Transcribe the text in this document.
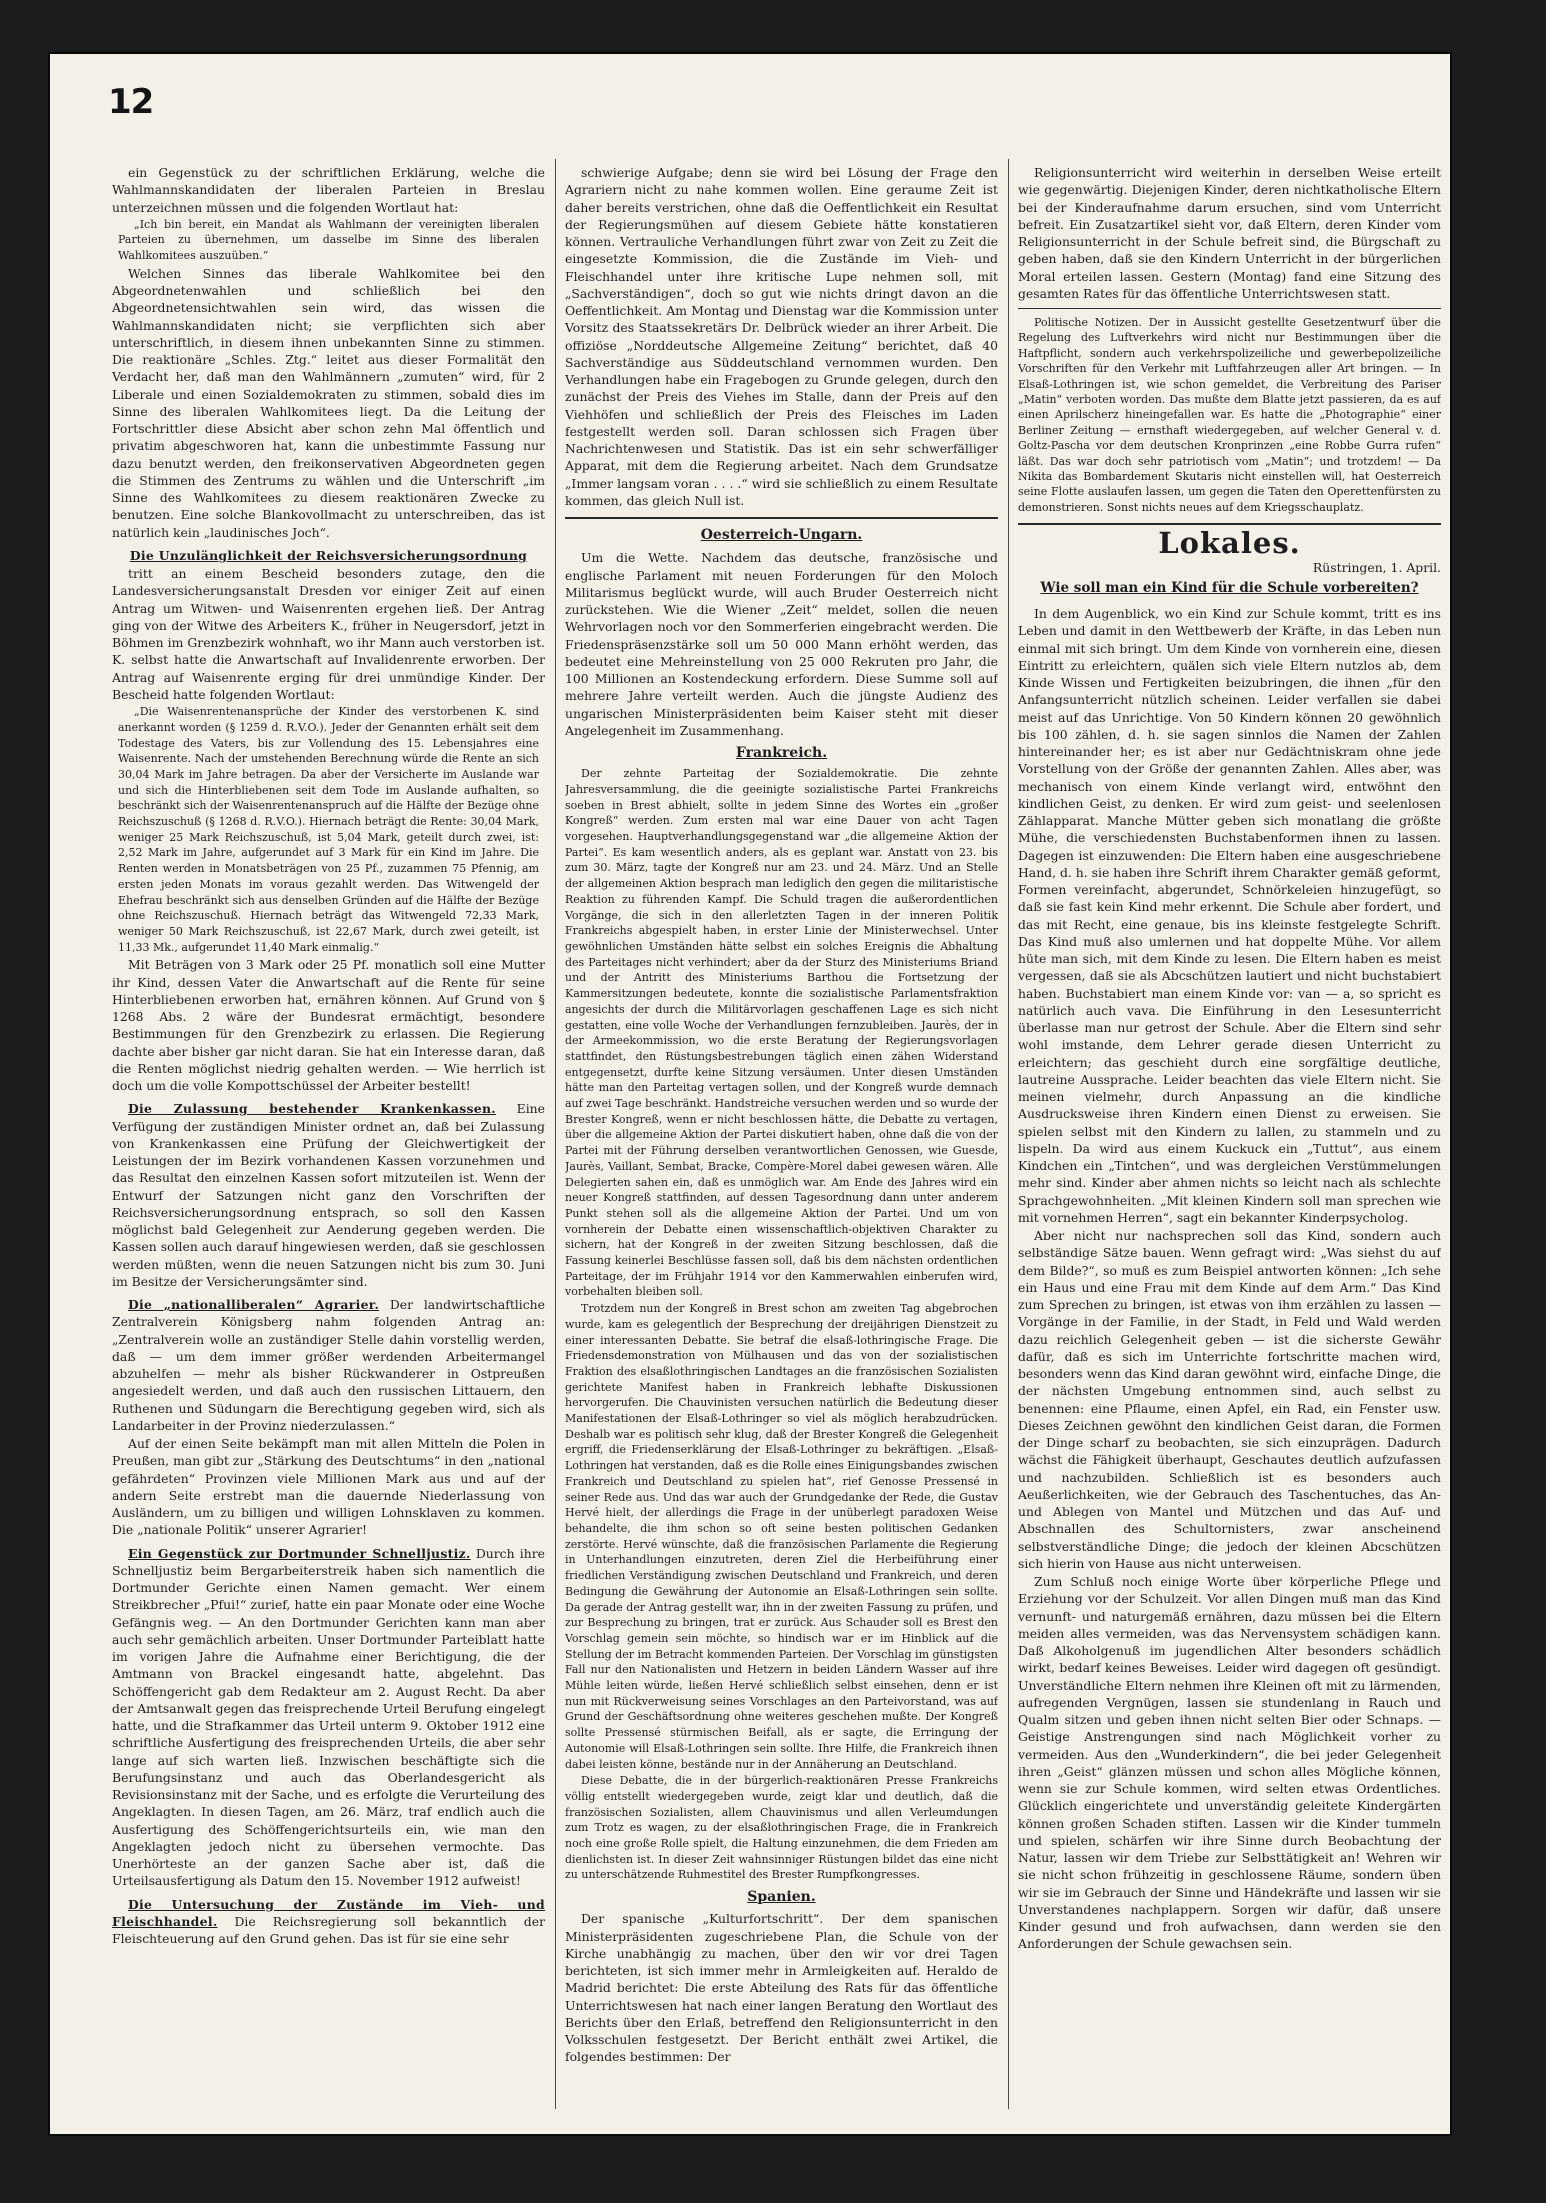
12

ein Gegenstück zu der schriftlichen Erklärung, welche die Wahlmannskandidaten der liberalen Parteien in Breslau unterzeichnen müssen und die folgenden Wortlaut hat:

„Ich bin bereit, ein Mandat als Wahlmann der vereinigten liberalen Parteien zu übernehmen, um dasselbe im Sinne des liberalen Wahlkomitees auszuüben.“

Welchen Sinnes das liberale Wahlkomitee bei den Abgeordnetenwahlen und schließlich bei den Abgeordnetensichtwahlen sein wird, das wissen die Wahlmannskandidaten nicht; sie verpflichten sich aber unterschriftlich, in diesem ihnen unbekannten Sinne zu stimmen. Die reaktionäre „Schles. Ztg.“ leitet aus dieser Formalität den Verdacht her, daß man den Wahlmännern „zumuten“ wird, für 2 Liberale und einen Sozialdemokraten zu stimmen, sobald dies im Sinne des liberalen Wahlkomitees liegt. Da die Leitung der Fortschrittler diese Absicht aber schon zehn Mal öffentlich und privatim abgeschworen hat, kann die unbestimmte Fassung nur dazu benutzt werden, den freikonservativen Abgeordneten gegen die Stimmen des Zentrums zu wählen und die Unterschrift „im Sinne des Wahlkomitees zu diesem reaktionären Zwecke zu benutzen. Eine solche Blankovollmacht zu unterschreiben, das ist natürlich kein „laudinisches Joch“.

Die Unzulänglichkeit der Reichsversicherungsordnung

tritt an einem Bescheid besonders zutage, den die Landesversicherungsanstalt Dresden vor einiger Zeit auf einen Antrag um Witwen- und Waisenrenten ergehen ließ. Der Antrag ging von der Witwe des Arbeiters K., früher in Neugersdorf, jetzt in Böhmen im Grenzbezirk wohnhaft, wo ihr Mann auch verstorben ist. K. selbst hatte die Anwartschaft auf Invalidenrente erworben. Der Antrag auf Waisenrente erging für drei unmündige Kinder. Der Bescheid hatte folgenden Wortlaut:

„Die Waisenrentenansprüche der Kinder des verstorbenen K. sind anerkannt worden (§ 1259 d. R.V.O.). Jeder der Genannten erhält seit dem Todestage des Vaters, bis zur Vollendung des 15. Lebensjahres eine Waisenrente. Nach der umstehenden Berechnung würde die Rente an sich 30,04 Mark im Jahre betragen. Da aber der Versicherte im Auslande war und sich die Hinterbliebenen seit dem Tode im Auslande aufhalten, so beschränkt sich der Waisenrentenanspruch auf die Hälfte der Bezüge ohne Reichszuschuß (§ 1268 d. R.V.O.). Hiernach beträgt die Rente: 30,04 Mark, weniger 25 Mark Reichszuschuß, ist 5,04 Mark, geteilt durch zwei, ist: 2,52 Mark im Jahre, aufgerundet auf 3 Mark für ein Kind im Jahre. Die Renten werden in Monatsbeträgen von 25 Pf., zuzammen 75 Pfennig, am ersten jeden Monats im voraus gezahlt werden. Das Witwengeld der Ehefrau beschränkt sich aus denselben Gründen auf die Hälfte der Bezüge ohne Reichszuschuß. Hiernach beträgt das Witwengeld 72,33 Mark, weniger 50 Mark Reichszuschuß, ist 22,67 Mark, durch zwei geteilt, ist 11,33 Mk., aufgerundet 11,40 Mark einmalig.“

Mit Beträgen von 3 Mark oder 25 Pf. monatlich soll eine Mutter ihr Kind, dessen Vater die Anwartschaft auf die Rente für seine Hinterbliebenen erworben hat, ernähren können. Auf Grund von § 1268 Abs. 2 wäre der Bundesrat ermächtigt, besondere Bestimmungen für den Grenzbezirk zu erlassen. Die Regierung dachte aber bisher gar nicht daran. Sie hat ein Interesse daran, daß die Renten möglichst niedrig gehalten werden. — Wie herrlich ist doch um die volle Kompottschüssel der Arbeiter bestellt!

Die Zulassung bestehender Krankenkassen. Eine Verfügung der zuständigen Minister ordnet an, daß bei Zulassung von Krankenkassen eine Prüfung der Gleichwertigkeit der Leistungen der im Bezirk vorhandenen Kassen vorzunehmen und das Resultat den einzelnen Kassen sofort mitzuteilen ist. Wenn der Entwurf der Satzungen nicht ganz den Vorschriften der Reichsversicherungsordnung entsprach, so soll den Kassen möglichst bald Gelegenheit zur Aenderung gegeben werden. Die Kassen sollen auch darauf hingewiesen werden, daß sie geschlossen werden müßten, wenn die neuen Satzungen nicht bis zum 30. Juni im Besitze der Versicherungsämter sind.

Die „nationalliberalen“ Agrarier. Der landwirtschaftliche Zentralverein Königsberg nahm folgenden Antrag an: „Zentralverein wolle an zuständiger Stelle dahin vorstellig werden, daß — um dem immer größer werdenden Arbeitermangel abzuhelfen — mehr als bisher Rückwanderer in Ostpreußen angesiedelt werden, und daß auch den russischen Littauern, den Ruthenen und Südungarn die Berechtigung gegeben wird, sich als Landarbeiter in der Provinz niederzulassen.“

Auf der einen Seite bekämpft man mit allen Mitteln die Polen in Preußen, man gibt zur „Stärkung des Deutschtums“ in den „national gefährdeten“ Provinzen viele Millionen Mark aus und auf der andern Seite erstrebt man die dauernde Niederlassung von Ausländern, um zu billigen und willigen Lohnsklaven zu kommen. Die „nationale Politik“ unserer Agrarier!

Ein Gegenstück zur Dortmunder Schnelljustiz. Durch ihre Schnelljustiz beim Bergarbeiterstreik haben sich namentlich die Dortmunder Gerichte einen Namen gemacht. Wer einem Streikbrecher „Pfui!“ zurief, hatte ein paar Monate oder eine Woche Gefängnis weg. — An den Dortmunder Gerichten kann man aber auch sehr gemächlich arbeiten. Unser Dortmunder Parteiblatt hatte im vorigen Jahre die Aufnahme einer Berichtigung, die der Amtmann von Brackel eingesandt hatte, abgelehnt. Das Schöffengericht gab dem Redakteur am 2. August Recht. Da aber der Amtsanwalt gegen das freisprechende Urteil Berufung eingelegt hatte, und die Strafkammer das Urteil unterm 9. Oktober 1912 eine schriftliche Ausfertigung des freisprechenden Urteils, die aber sehr lange auf sich warten ließ. Inzwischen beschäftigte sich die Berufungsinstanz und auch das Oberlandesgericht als Revisionsinstanz mit der Sache, und es erfolgte die Verurteilung des Angeklagten. In diesen Tagen, am 26. März, traf endlich auch die Ausfertigung des Schöffengerichtsurteils ein, wie man den Angeklagten jedoch nicht zu übersehen vermochte. Das Unerhörteste an der ganzen Sache aber ist, daß die Urteilsausfertigung als Datum den 15. November 1912 aufweist!

Die Untersuchung der Zustände im Vieh- und Fleischhandel. Die Reichsregierung soll bekanntlich der Fleischteuerung auf den Grund gehen. Das ist für sie eine sehr

schwierige Aufgabe; denn sie wird bei Lösung der Frage den Agrariern nicht zu nahe kommen wollen. Eine geraume Zeit ist daher bereits verstrichen, ohne daß die Oeffentlichkeit ein Resultat der Regierungsmühen auf diesem Gebiete hätte konstatieren können. Vertrauliche Verhandlungen führt zwar von Zeit zu Zeit die eingesetzte Kommission, die die Zustände im Vieh- und Fleischhandel unter ihre kritische Lupe nehmen soll, mit „Sachverständigen“, doch so gut wie nichts dringt davon an die Oeffentlichkeit. Am Montag und Dienstag war die Kommission unter Vorsitz des Staatssekretärs Dr. Delbrück wieder an ihrer Arbeit. Die offiziöse „Norddeutsche Allgemeine Zeitung“ berichtet, daß 40 Sachverständige aus Süddeutschland vernommen wurden. Den Verhandlungen habe ein Fragebogen zu Grunde gelegen, durch den zunächst der Preis des Viehes im Stalle, dann der Preis auf den Viehhöfen und schließlich der Preis des Fleisches im Laden festgestellt werden soll. Daran schlossen sich Fragen über Nachrichtenwesen und Statistik. Das ist ein sehr schwerfälliger Apparat, mit dem die Regierung arbeitet. Nach dem Grundsatze „Immer langsam voran . . . .“ wird sie schließlich zu einem Resultate kommen, das gleich Null ist.

Oesterreich-Ungarn.

Um die Wette. Nachdem das deutsche, französische und englische Parlament mit neuen Forderungen für den Moloch Militarismus beglückt wurde, will auch Bruder Oesterreich nicht zurückstehen. Wie die Wiener „Zeit“ meldet, sollen die neuen Wehrvorlagen noch vor den Sommerferien eingebracht werden. Die Friedenspräsenzstärke soll um 50 000 Mann erhöht werden, das bedeutet eine Mehreinstellung von 25 000 Rekruten pro Jahr, die 100 Millionen an Kostendeckung erfordern. Diese Summe soll auf mehrere Jahre verteilt werden. Auch die jüngste Audienz des ungarischen Ministerpräsidenten beim Kaiser steht mit dieser Angelegenheit im Zusammenhang.

Frankreich.

Der zehnte Parteitag der Sozialdemokratie. Die zehnte Jahresversammlung, die die geeinigte sozialistische Partei Frankreichs soeben in Brest abhielt, sollte in jedem Sinne des Wortes ein „großer Kongreß“ werden. Zum ersten mal war eine Dauer von acht Tagen vorgesehen. Hauptverhandlungsgegenstand war „die allgemeine Aktion der Partei“. Es kam wesentlich anders, als es geplant war. Anstatt von 23. bis zum 30. März, tagte der Kongreß nur am 23. und 24. März. Und an Stelle der allgemeinen Aktion besprach man lediglich den gegen die militaristische Reaktion zu führenden Kampf. Die Schuld tragen die außerordentlichen Vorgänge, die sich in den allerletzten Tagen in der inneren Politik Frankreichs abgespielt haben, in erster Linie der Ministerwechsel. Unter gewöhnlichen Umständen hätte selbst ein solches Ereignis die Abhaltung des Parteitages nicht verhindert; aber da der Sturz des Ministeriums Briand und der Antritt des Ministeriums Barthou die Fortsetzung der Kammersitzungen bedeutete, konnte die sozialistische Parlamentsfraktion angesichts der durch die Militärvorlagen geschaffenen Lage es sich nicht gestatten, eine volle Woche der Verhandlungen fernzubleiben. Jaurès, der in der Armeekommission, wo die erste Beratung der Regierungsvorlagen stattfindet, den Rüstungsbestrebungen täglich einen zähen Widerstand entgegensetzt, durfte keine Sitzung versäumen. Unter diesen Umständen hätte man den Parteitag vertagen sollen, und der Kongreß wurde demnach auf zwei Tage beschränkt. Handstreiche versuchen werden und so wurde der Brester Kongreß, wenn er nicht beschlossen hätte, die Debatte zu vertagen, über die allgemeine Aktion der Partei diskutiert haben, ohne daß die von der Partei mit der Führung derselben verantwortlichen Genossen, wie Guesde, Jaurès, Vaillant, Sembat, Bracke, Compère-Morel dabei gewesen wären. Alle Delegierten sahen ein, daß es unmöglich war. Am Ende des Jahres wird ein neuer Kongreß stattfinden, auf dessen Tagesordnung dann unter anderem Punkt stehen soll als die allgemeine Aktion der Partei. Und um von vornherein der Debatte einen wissenschaftlich-objektiven Charakter zu sichern, hat der Kongreß in der zweiten Sitzung beschlossen, daß die Fassung keinerlei Beschlüsse fassen soll, daß bis dem nächsten ordentlichen Parteitage, der im Frühjahr 1914 vor den Kammerwahlen einberufen wird, vorbehalten bleiben soll.

Trotzdem nun der Kongreß in Brest schon am zweiten Tag abgebrochen wurde, kam es gelegentlich der Besprechung der dreijährigen Dienstzeit zu einer interessanten Debatte. Sie betraf die elsaß-lothringische Frage. Die Friedensdemonstration von Mülhausen und das von der sozialistischen Fraktion des elsaßlothringischen Landtages an die französischen Sozialisten gerichtete Manifest haben in Frankreich lebhafte Diskussionen hervorgerufen. Die Chauvinisten versuchen natürlich die Bedeutung dieser Manifestationen der Elsaß-Lothringer so viel als möglich herabzudrücken. Deshalb war es politisch sehr klug, daß der Brester Kongreß die Gelegenheit ergriff, die Friedenserklärung der Elsaß-Lothringer zu bekräftigen. „Elsaß-Lothringen hat verstanden, daß es die Rolle eines Einigungsbandes zwischen Frankreich und Deutschland zu spielen hat“, rief Genosse Pressensé in seiner Rede aus. Und das war auch der Grundgedanke der Rede, die Gustav Hervé hielt, der allerdings die Frage in der unüberlegt paradoxen Weise behandelte, die ihm schon so oft seine besten politischen Gedanken zerstörte. Hervé wünschte, daß die französischen Parlamente die Regierung in Unterhandlungen einzutreten, deren Ziel die Herbeiführung einer friedlichen Verständigung zwischen Deutschland und Frankreich, und deren Bedingung die Gewährung der Autonomie an Elsaß-Lothringen sein sollte. Da gerade der Antrag gestellt war, ihn in der zweiten Fassung zu prüfen, und zur Besprechung zu bringen, trat er zurück. Aus Schauder soll es Brest den Vorschlag gemein sein möchte, so hindisch war er im Hinblick auf die Stellung der im Betracht kommenden Parteien. Der Vorschlag im günstigsten Fall nur den Nationalisten und Hetzern in beiden Ländern Wasser auf ihre Mühle leiten würde, ließen Hervé schließlich selbst einsehen, denn er ist nun mit Rückverweisung seines Vorschlages an den Parteivorstand, was auf Grund der Geschäftsordnung ohne weiteres geschehen mußte. Der Kongreß sollte Pressensé stürmischen Beifall, als er sagte, die Erringung der Autonomie will Elsaß-Lothringen sein sollte. Ihre Hilfe, die Frankreich ihnen dabei leisten könne, bestände nur in der Annäherung an Deutschland.

Diese Debatte, die in der bürgerlich-reaktionären Presse Frankreichs völlig entstellt wiedergegeben wurde, zeigt klar und deutlich, daß die französischen Sozialisten, allem Chauvinismus und allen Verleumdungen zum Trotz es wagen, zu der elsaßlothringischen Frage, die in Frankreich noch eine große Rolle spielt, die Haltung einzunehmen, die dem Frieden am dienlichsten ist. In dieser Zeit wahnsinniger Rüstungen bildet das eine nicht zu unterschätzende Ruhmestitel des Brester Rumpfkongresses.

Spanien.

Der spanische „Kulturfortschritt“. Der dem spanischen Ministerpräsidenten zugeschriebene Plan, die Schule von der Kirche unabhängig zu machen, über den wir vor drei Tagen berichteten, ist sich immer mehr in Armleigkeiten auf. Heraldo de Madrid berichtet: Die erste Abteilung des Rats für das öffentliche Unterrichtswesen hat nach einer langen Beratung den Wortlaut des Berichts über den Erlaß, betreffend den Religionsunterricht in den Volksschulen festgesetzt. Der Bericht enthält zwei Artikel, die folgendes bestimmen: Der

Religionsunterricht wird weiterhin in derselben Weise erteilt wie gegenwärtig. Diejenigen Kinder, deren nichtkatholische Eltern bei der Kinderaufnahme darum ersuchen, sind vom Unterricht befreit. Ein Zusatzartikel sieht vor, daß Eltern, deren Kinder vom Religionsunterricht in der Schule befreit sind, die Bürgschaft zu geben haben, daß sie den Kindern Unterricht in der bürgerlichen Moral erteilen lassen. Gestern (Montag) fand eine Sitzung des gesamten Rates für das öffentliche Unterrichtswesen statt.

Politische Notizen. Der in Aussicht gestellte Gesetzentwurf über die Regelung des Luftverkehrs wird nicht nur Bestimmungen über die Haftpflicht, sondern auch verkehrspolizeiliche und gewerbepolizeiliche Vorschriften für den Verkehr mit Luftfahrzeugen aller Art bringen. — In Elsaß-Lothringen ist, wie schon gemeldet, die Verbreitung des Pariser „Matin“ verboten worden. Das mußte dem Blatte jetzt passieren, da es auf einen Aprilscherz hineingefallen war. Es hatte die „Photographie“ einer Berliner Zeitung — ernsthaft wiedergegeben, auf welcher General v. d. Goltz-Pascha vor dem deutschen Kronprinzen „eine Robbe Gurra rufen“ läßt. Das war doch sehr patriotisch vom „Matin“; und trotzdem! — Da Nikita das Bombardement Skutaris nicht einstellen will, hat Oesterreich seine Flotte auslaufen lassen, um gegen die Taten den Operettenfürsten zu demonstrieren. Sonst nichts neues auf dem Kriegsschauplatz.

Lokales.

Rüstringen, 1. April.

Wie soll man ein Kind für die Schule vorbereiten?

In dem Augenblick, wo ein Kind zur Schule kommt, tritt es ins Leben und damit in den Wettbewerb der Kräfte, in das Leben nun einmal mit sich bringt. Um dem Kinde von vornherein eine, diesen Eintritt zu erleichtern, quälen sich viele Eltern nutzlos ab, dem Kinde Wissen und Fertigkeiten beizubringen, die ihnen „für den Anfangsunterricht nützlich scheinen. Leider verfallen sie dabei meist auf das Unrichtige. Von 50 Kindern können 20 gewöhnlich bis 100 zählen, d. h. sie sagen sinnlos die Namen der Zahlen hintereinander her; es ist aber nur Gedächtniskram ohne jede Vorstellung von der Größe der genannten Zahlen. Alles aber, was mechanisch von einem Kinde verlangt wird, entwöhnt den kindlichen Geist, zu denken. Er wird zum geist- und seelenlosen Zählapparat. Manche Mütter geben sich monatlang die größte Mühe, die verschiedensten Buchstabenformen ihnen zu lassen. Dagegen ist einzuwenden: Die Eltern haben eine ausgeschriebene Hand, d. h. sie haben ihre Schrift ihrem Charakter gemäß geformt, Formen vereinfacht, abgerundet, Schnörkeleien hinzugefügt, so daß sie fast kein Kind mehr erkennt. Die Schule aber fordert, und das mit Recht, eine genaue, bis ins kleinste festgelegte Schrift. Das Kind muß also umlernen und hat doppelte Mühe. Vor allem hüte man sich, mit dem Kinde zu lesen. Die Eltern haben es meist vergessen, daß sie als Abcschützen lautiert und nicht buchstabiert haben. Buchstabiert man einem Kinde vor: van — a, so spricht es natürlich auch vava. Die Einführung in den Lesesunterricht überlasse man nur getrost der Schule. Aber die Eltern sind sehr wohl imstande, dem Lehrer gerade diesen Unterricht zu erleichtern; das geschieht durch eine sorgfältige deutliche, lautreine Aussprache. Leider beachten das viele Eltern nicht. Sie meinen vielmehr, durch Anpassung an die kindliche Ausdrucksweise ihren Kindern einen Dienst zu erweisen. Sie spielen selbst mit den Kindern zu lallen, zu stammeln und zu lispeln. Da wird aus einem Kuckuck ein „Tuttut“, aus einem Kindchen ein „Tintchen“, und was dergleichen Verstümmelungen mehr sind. Kinder aber ahmen nichts so leicht nach als schlechte Sprachgewohnheiten. „Mit kleinen Kindern soll man sprechen wie mit vornehmen Herren“, sagt ein bekannter Kinderpsycholog.

Aber nicht nur nachsprechen soll das Kind, sondern auch selbständige Sätze bauen. Wenn gefragt wird: „Was siehst du auf dem Bilde?“, so muß es zum Beispiel antworten können: „Ich sehe ein Haus und eine Frau mit dem Kinde auf dem Arm.“ Das Kind zum Sprechen zu bringen, ist etwas von ihm erzählen zu lassen — Vorgänge in der Familie, in der Stadt, in Feld und Wald werden dazu reichlich Gelegenheit geben — ist die sicherste Gewähr dafür, daß es sich im Unterrichte fortschritte machen wird, besonders wenn das Kind daran gewöhnt wird, einfache Dinge, die der nächsten Umgebung entnommen sind, auch selbst zu benennen: eine Pflaume, einen Apfel, ein Rad, ein Fenster usw. Dieses Zeichnen gewöhnt den kindlichen Geist daran, die Formen der Dinge scharf zu beobachten, sie sich einzuprägen. Dadurch wächst die Fähigkeit überhaupt, Geschautes deutlich aufzufassen und nachzubilden. Schließlich ist es besonders auch Aeußerlichkeiten, wie der Gebrauch des Taschentuches, das An- und Ablegen von Mantel und Mützchen und das Auf- und Abschnallen des Schultornisters, zwar anscheinend selbstverständliche Dinge; die jedoch der kleinen Abcschützen sich hierin von Hause aus nicht unterweisen.

Zum Schluß noch einige Worte über körperliche Pflege und Erziehung vor der Schulzeit. Vor allen Dingen muß man das Kind vernunft- und naturgemäß ernähren, dazu müssen bei die Eltern meiden alles vermeiden, was das Nervensystem schädigen kann. Daß Alkoholgenuß im jugendlichen Alter besonders schädlich wirkt, bedarf keines Beweises. Leider wird dagegen oft gesündigt. Unverständliche Eltern nehmen ihre Kleinen oft mit zu lärmenden, aufregenden Vergnügen, lassen sie stundenlang in Rauch und Qualm sitzen und geben ihnen nicht selten Bier oder Schnaps. — Geistige Anstrengungen sind nach Möglichkeit vorher zu vermeiden. Aus den „Wunderkindern“, die bei jeder Gelegenheit ihren „Geist“ glänzen müssen und schon alles Mögliche können, wenn sie zur Schule kommen, wird selten etwas Ordentliches. Glücklich eingerichtete und unverständig geleitete Kindergärten können großen Schaden stiften. Lassen wir die Kinder tummeln und spielen, schärfen wir ihre Sinne durch Beobachtung der Natur, lassen wir dem Triebe zur Selbsttätigkeit an! Wehren wir sie nicht schon frühzeitig in geschlossene Räume, sondern üben wir sie im Gebrauch der Sinne und Händekräfte und lassen wir sie Unverstandenes nachplappern. Sorgen wir dafür, daß unsere Kinder gesund und froh aufwachsen, dann werden sie den Anforderungen der Schule gewachsen sein.
